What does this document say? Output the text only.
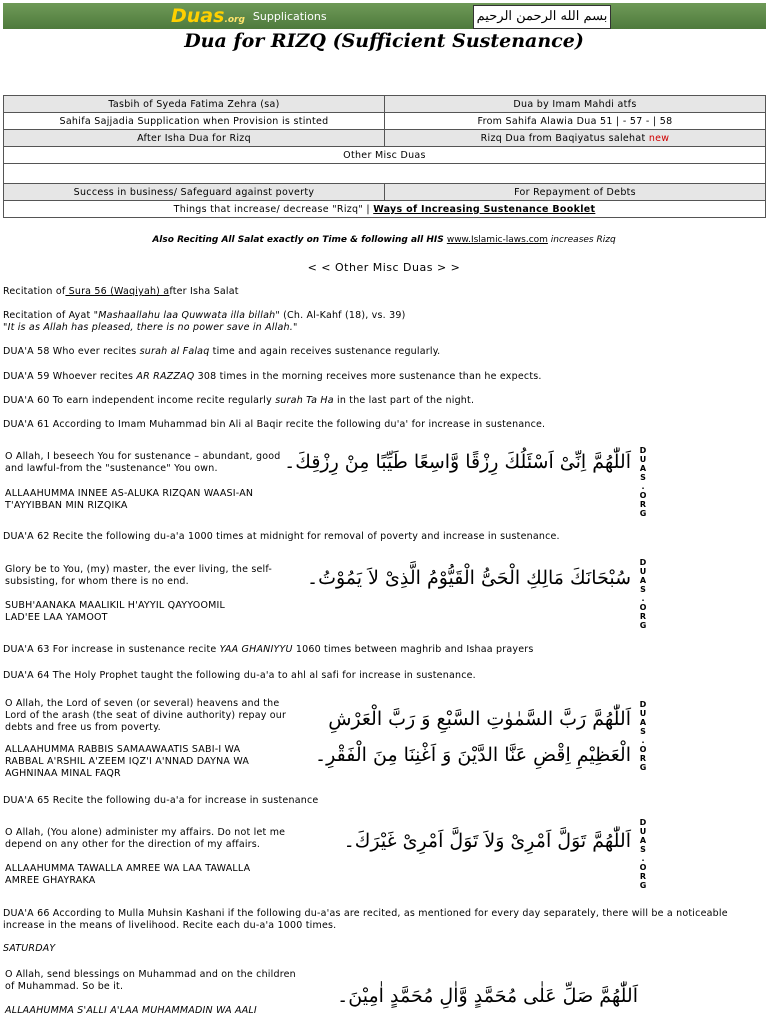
Duas.org Supplications	بسم الله الرحمن الرحيم
Dua for RIZQ (Sufficient Sustenance)
Tasbih of Syeda Fatima Zehra (sa)	Dua by Imam Mahdi atfs
Sahifa Sajjadia Supplication when Provision is stinted	From Sahifa Alawia Dua 51 | - 57 - | 58
After Isha Dua for Rizq	Rizq Dua from Baqiyatus salehat new
Other Misc Duas	

Success in business/ Safeguard against poverty	For Repayment of Debts
Things that increase/ decrease "Rizq" | Ways of Increasing Sustenance Booklet	
Also Reciting All Salat exactly on Time & following all HIS www.Islamic-laws.com increases Rizq
< < Other Misc Duas > >
Recitation of Sura 56 (Waqiyah) after Isha Salat
Recitation of Ayat "Mashaallahu laa Quwwata illa billah" (Ch. Al-Kahf (18), vs. 39)
"It is as Allah has pleased, there is no power save in Allah."
DUA'A 58 Who ever recites surah al Falaq time and again receives sustenance regularly.
DUA'A 59 Whoever recites AR RAZZAQ 308 times in the morning receives more sustenance than he expects.
DUA'A 60 To earn independent income recite regularly surah Ta Ha in the last part of the night.
DUA'A 61 According to Imam Muhammad bin Ali al Baqir recite the following du'a' for increase in sustenance.
O Allah, I beseech You for sustenance – abundant, good
and lawful-from the "sustenance" You own.
ALLAAHUMMA INNEE AS-ALUKA RIZQAN WAASI-AN
T'AYYIBBAN MIN RIZQIKA
اَللّٰهُمَّ اِنِّیْ اَسْئَلُكَ رِزْقًا وَّاسِعًا طَيِّبًا مِنْ رِزْقِكَ۔
D
U
A
S
.
O
R
G
DUA'A 62 Recite the following du-a'a 1000 times at midnight for removal of poverty and increase in sustenance.
Glory be to You, (my) master, the ever living, the self-
subsisting, for whom there is no end.
SUBH'AANAKA MAALIKIL H'AYYIL QAYYOOMIL
LAD'EE LAA YAMOOT
سُبْحَانَكَ مَالِكِ الْحَیُّ الْقَیُّوْمُ الَّذِیْ لاَ یَمُوْتُ۔
D
U
A
S
.
O
R
G
DUA'A 63 For increase in sustenance recite YAA GHANIYYU 1060 times between maghrib and Ishaa prayers
DUA'A 64 The Holy Prophet taught the following du-a'a to ahl al safi for increase in sustenance.
O Allah, the Lord of seven (or several) heavens and the
Lord of the arash (the seat of divine authority) repay our
debts and free us from poverty.
ALLAAHUMMA RABBIS SAMAAWAATIS SABI-I WA
RABBAL A'RSHIL A'ZEEM IQZ'I A'NNAD DAYNA WA
AGHNINAA MINAL FAQR
اَللّٰهُمَّ رَبَّ السَّمٰوٰتِ السَّبْعِ وَ رَبَّ الْعَرْشِ
الْعَظِيْمِ اِقْضِ عَنَّا الدَّيْنَ وَ اَغْنِنَا مِنَ الْفَقْرِ۔
D
U
A
S
.
O
R
G
DUA'A 65 Recite the following du-a'a for increase in sustenance
O Allah, (You alone) administer my affairs. Do not let me
depend on any other for the direction of my affairs.
ALLAAHUMMA TAWALLA AMREE WA LAA TAWALLA
AMREE GHAYRAKA
اَللّٰهُمَّ تَوَلَّ اَمْرِیْ وَلاَ تَوَلَّ اَمْرِیْ غَیْرَكَ۔
D
U
A
S
.
O
R
G
DUA'A 66 According to Mulla Muhsin Kashani if the following du-a'as are recited, as mentioned for every day separately, there will be a noticeable
increase in the means of livelihood. Recite each du-a'a 1000 times.
SATURDAY
O Allah, send blessings on Muhammad and on the children
of Muhammad. So be it.
ALLAAHUMMA S'ALLI A'LAA MUHAMMADIN WA AALI
اَللّٰهُمَّ صَلِّ عَلٰى مُحَمَّدٍ وَّاٰلِ مُحَمَّدٍ اٰمِیْنَ۔
